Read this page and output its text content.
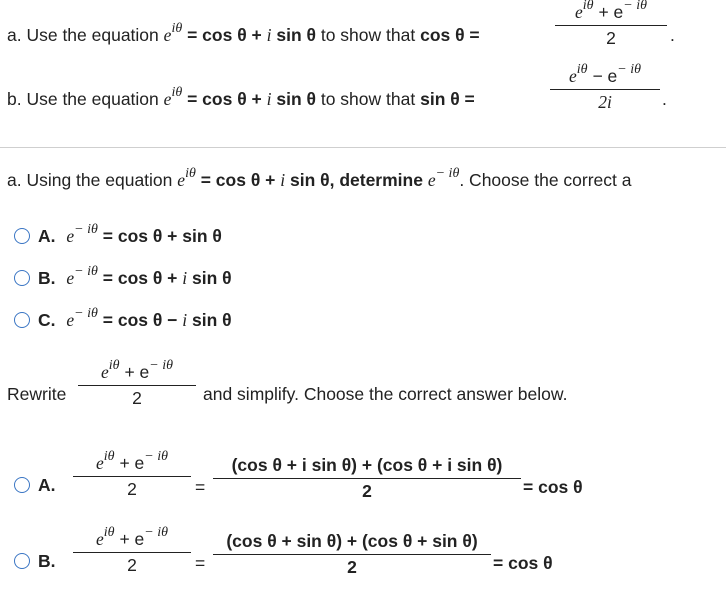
a. Use the equation $e^{i\theta} = \cos \theta + i$ sin θ to show that cos θ =
$e^{i\theta} + e^{- i\theta}$
2	.
b. Use the equation $e^{i\theta} = \cos \theta + i$ sin θ to show that sin θ =
$e^{i\theta} - e^{- i\theta}$
2i	.
a. Using the equation $e^{i\theta} = \cos \theta + i$ sin θ, determine $e^{- i\theta}$. Choose the correct a
A. $e^{- i\theta} = \cos \theta + \sin \theta$
B. $e^{- i\theta} = \cos \theta + i$ sin θ
C. $e^{- i\theta} = \cos \theta - i$ sin θ
Rewrite
$e^{i\theta} + e^{- i\theta}$
2	and simplify. Choose the correct answer below.
A.
$e^{i\theta} + e^{- i\theta}$
2	=
(cos θ + i sin θ) + (cos θ + i sin θ)
2	= cos θ
B.
$e^{i\theta} + e^{- i\theta}$
2	=
(cos θ + sin θ) + (cos θ + sin θ)
2	= cos θ
